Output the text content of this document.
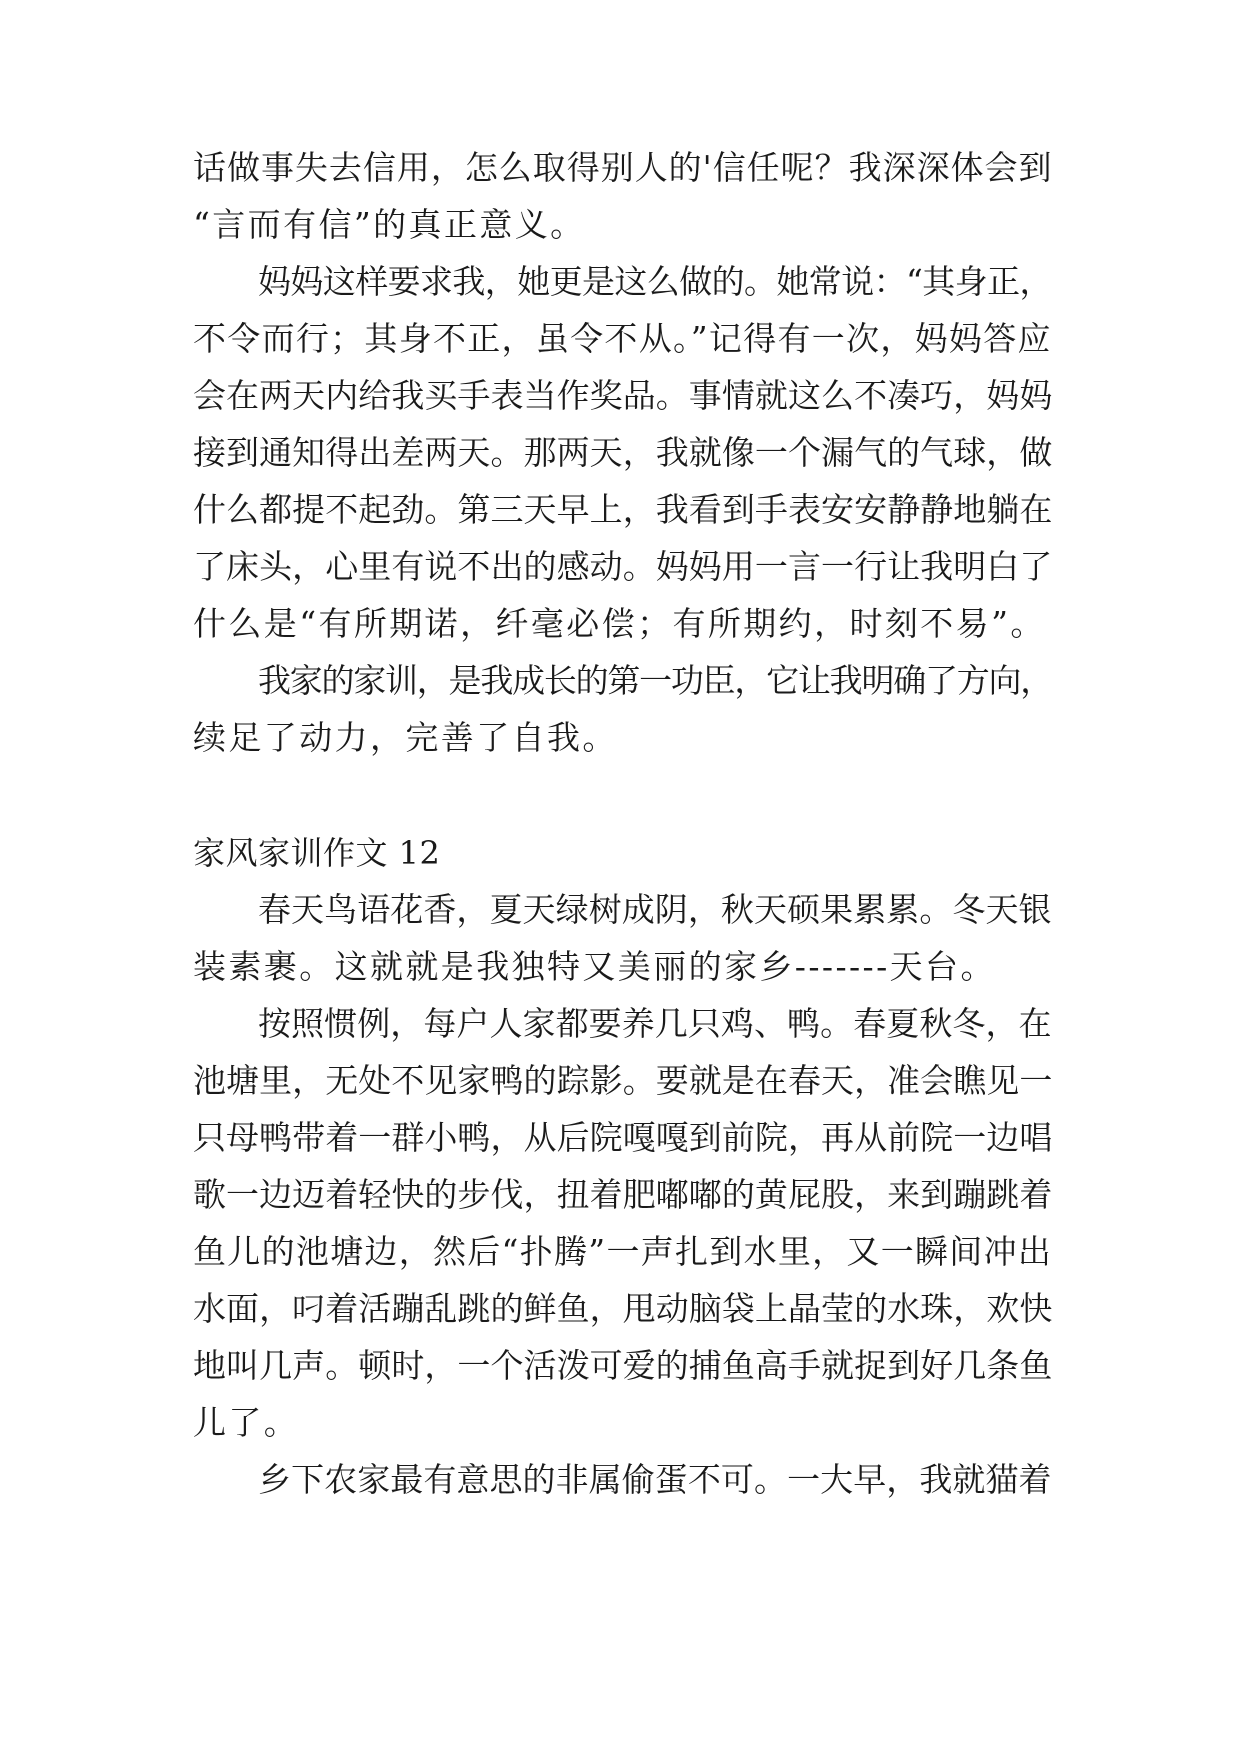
话做事失去信用，怎么取得别人的'信任呢？我深深体会到
“言而有信”的真正意义。
妈妈这样要求我，她更是这么做的。她常说：“其身正，
不令而行；其身不正，虽令不从。”记得有一次，妈妈答应
会在两天内给我买手表当作奖品。事情就这么不凑巧，妈妈
接到通知得出差两天。那两天，我就像一个漏气的气球，做
什么都提不起劲。第三天早上，我看到手表安安静静地躺在
了床头，心里有说不出的感动。妈妈用一言一行让我明白了
什么是“有所期诺，纤毫必偿；有所期约，时刻不易”。
我家的家训，是我成长的第一功臣，它让我明确了方向，
续足了动力，完善了自我。
家风家训作文 12
春天鸟语花香，夏天绿树成阴，秋天硕果累累。冬天银
装素裹。这就就是我独特又美丽的家乡-------天台。
按照惯例，每户人家都要养几只鸡、鸭。春夏秋冬，在
池塘里，无处不见家鸭的踪影。要就是在春天，准会瞧见一
只母鸭带着一群小鸭，从后院嘎嘎到前院，再从前院一边唱
歌一边迈着轻快的步伐，扭着肥嘟嘟的黄屁股，来到蹦跳着
鱼儿的池塘边，然后“扑腾”一声扎到水里，又一瞬间冲出
水面，叼着活蹦乱跳的鲜鱼，甩动脑袋上晶莹的水珠，欢快
地叫几声。顿时，一个活泼可爱的捕鱼高手就捉到好几条鱼
儿了。
乡下农家最有意思的非属偷蛋不可。一大早，我就猫着
